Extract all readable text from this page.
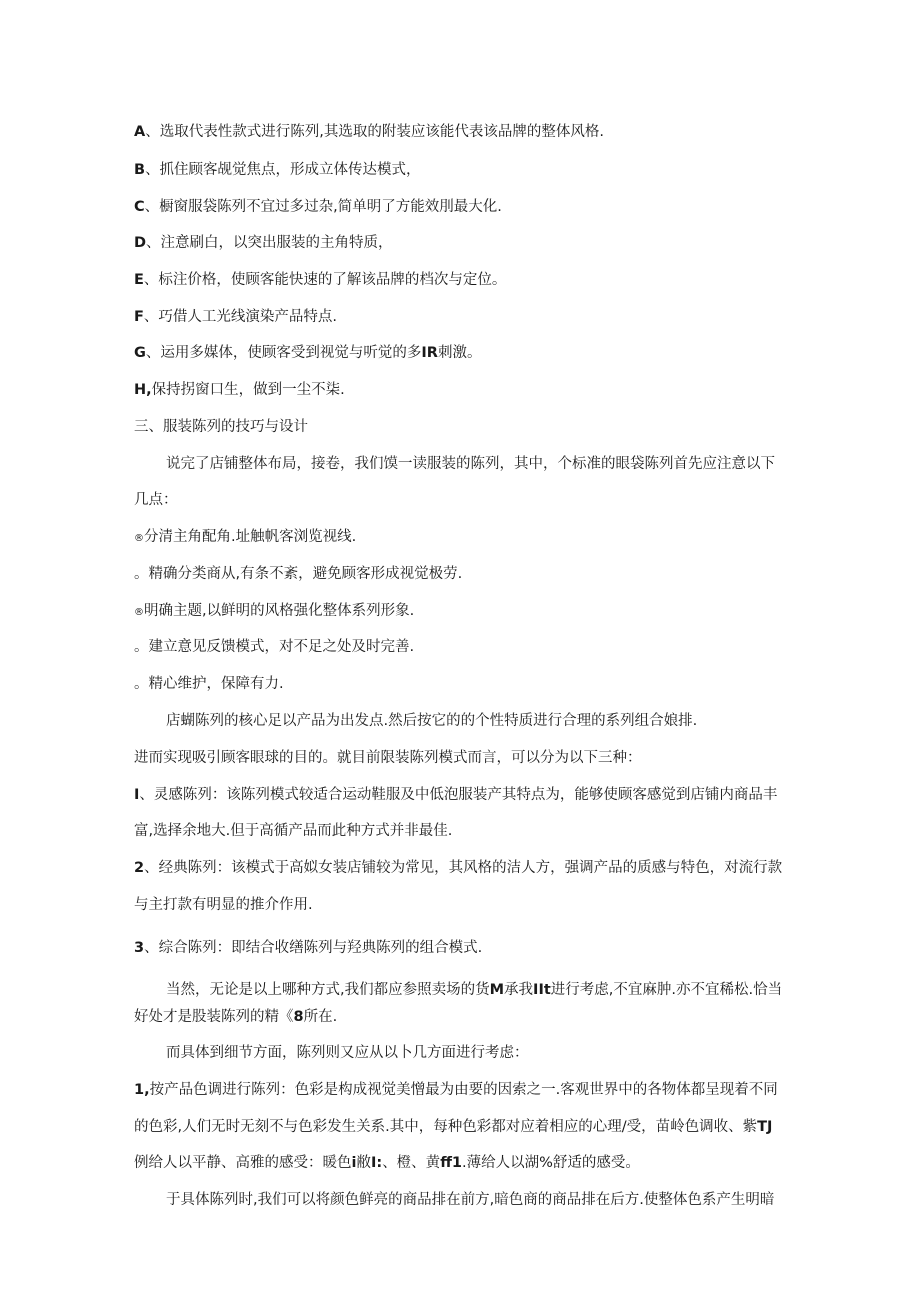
A、选取代表性款式进行陈列,其选取的附装应该能代表该品牌的整体风格.

B、抓住顾客觇觉焦点，形成立体传达模式，

C、橱窗服袋陈列不宜过多过杂,简单明了方能效刖最大化.

D、注意刷白，以突出服装的主角特质，

E、标注价格，使顾客能快速的了解该品牌的档次与定位。

F、巧借人工光线演染产品特点.

G、运用多媒体，使顾客受到视觉与听觉的多IR刺激。

H,保持拐窗口生，做到一尘不柒.

三、服装陈列的技巧与设计

说完了店铺整体布局，接卷，我们馍一读服装的陈列，其中，个标准的眼袋陈列首先应注意以下

几点：

®分清主角配角.址触帆客浏览视线.

。精确分类商从,有条不紊，避免顾客形成视觉极劳.

®明确主题,以鲜明的风格强化整体系列形象.

。建立意见反馈模式，对不足之处及时完善.

。精心维护，保障有力.

店蝴陈列的核心足以产品为出发点.然后按它的的个性特质进行合理的系列组合娘排.

进而实现吸引顾客眼球的目的。就目前限装陈列模式而言，可以分为以下三种：

I、灵感陈列：该陈列模式较适合运动鞋服及中低泡服装产其特点为，能够使顾客感觉到店铺内商品丰

富,选择余地大.但于高循产品而此种方式并非最佳.

2、经典陈列：该模式于高姒女装店铺较为常见，其风格的洁人方，强调产品的质感与特色，对流行款

与主打款有明显的推介作用.

3、综合陈列：即结合收缮陈列与羟典陈列的组合模式.

当然，无论是以上哪种方式,我们都应参照卖场的货M承我IIt进行考虑,不宜麻肿.亦不宜稀松.恰当

好处才是股装陈列的精《8所在.

而具体到细节方面，陈列则又应从以卜几方面进行考虑：

1,按产品色调进行陈列：色彩是构成视觉美憎最为由要的因索之一.客观世界中的各物体都呈现着不同

的色彩,人们无时无刻不与色彩发生关系.其中，每种色彩都对应着相应的心理/受，苗岭色调收、紫TJ

例给人以平静、高雅的感受：暖色i敝I:、橙、黄ff1.薄给人以湖%舒适的感受。

于具体陈列时,我们可以将颜色鲜亮的商品排在前方,暗色商的商品排在后方.使整体色系产生明暗
